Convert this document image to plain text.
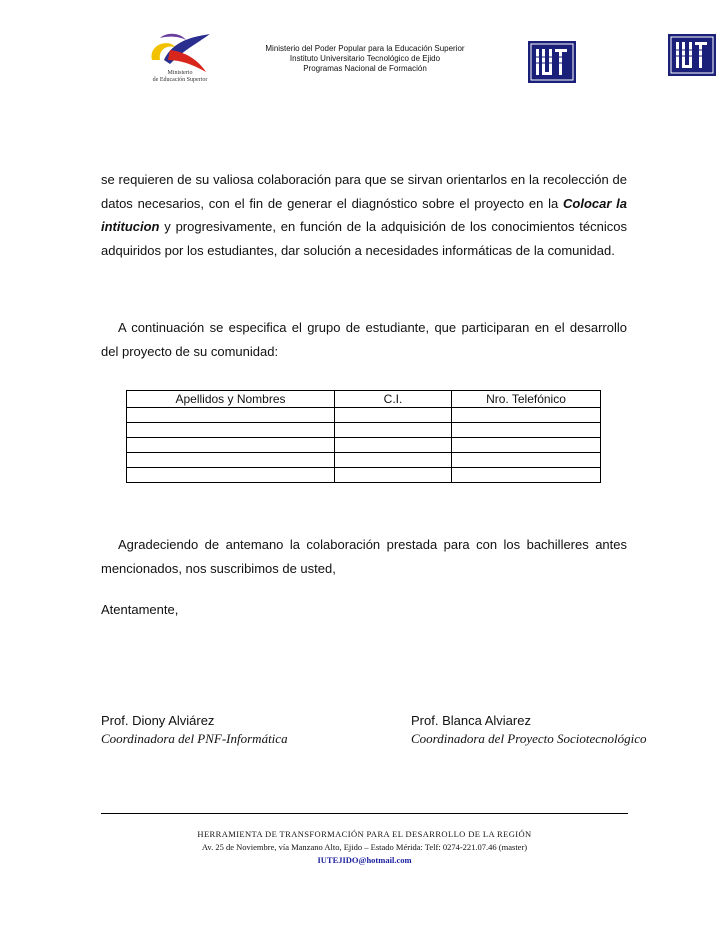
Ministerio
de Educación Superior
Ministerio del Poder Popular para la Educación Superior
Instituto Universitario Tecnológico de Ejido
Programas Nacional de Formación
se requieren de su valiosa colaboración para que se sirvan orientarlos en la recolección de datos necesarios, con el fin de generar el diagnóstico sobre el proyecto en la Colocar la intitucion y progresivamente, en función de la adquisición de los conocimientos técnicos adquiridos por los estudiantes, dar solución a necesidades informáticas de la comunidad.
A continuación se especifica el grupo de estudiante, que participaran en el desarrollo del proyecto de su comunidad:
Apellidos y Nombres	C.I.	Nro. Telefónico

Agradeciendo de antemano la colaboración prestada para con los bachilleres antes mencionados, nos suscribimos de usted,
Atentamente,
Prof. Diony Alviárez
Coordinadora del PNF-Informática
Prof. Blanca Alviarez
Coordinadora del Proyecto Sociotecnológico
HERRAMIENTA DE TRANSFORMACIÓN PARA EL DESARROLLO DE LA REGIÓN
Av. 25 de Noviembre, vía Manzano Alto, Ejido – Estado Mérida: Telf: 0274-221.07.46 (master)
IUTEJIDO@hotmail.com
